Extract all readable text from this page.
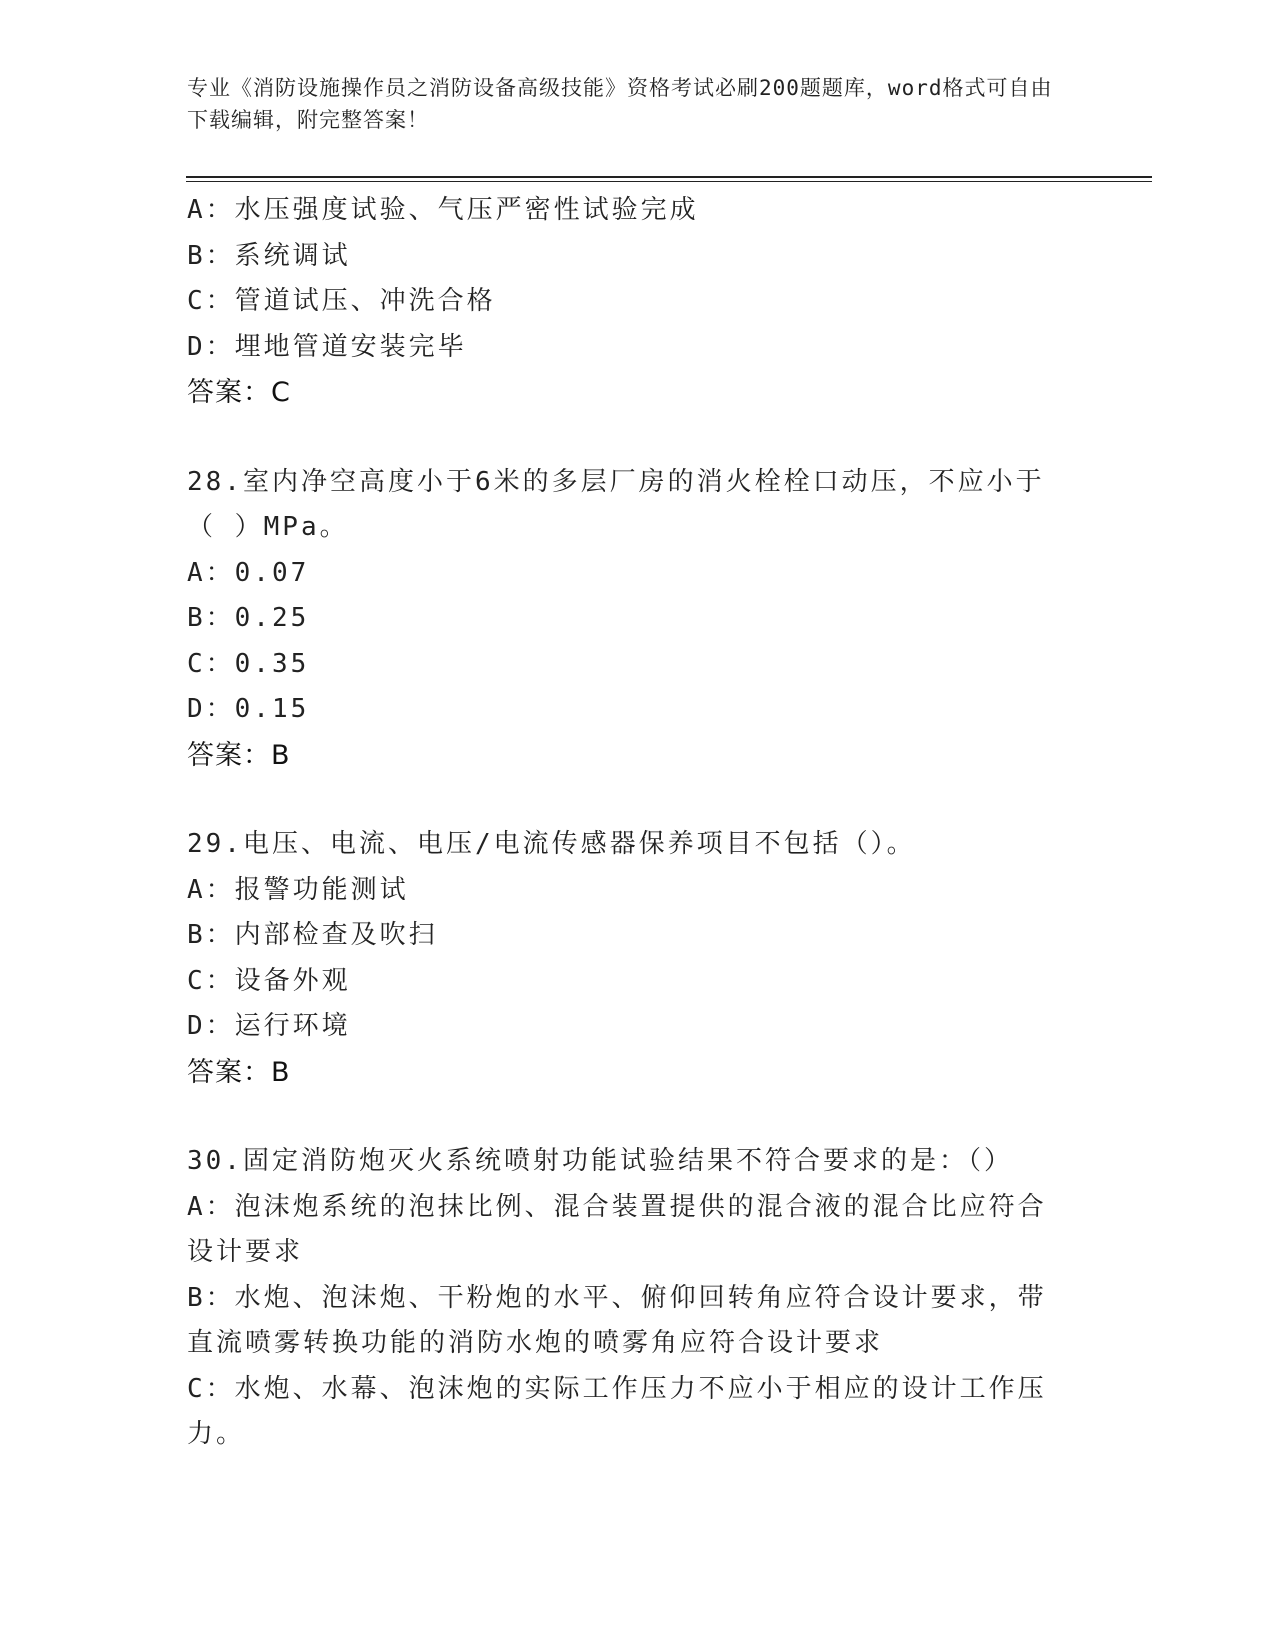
专业《消防设施操作员之消防设备高级技能》资格考试必刷200题题库，word格式可自由下载编辑，附完整答案！
A：水压强度试验、气压严密性试验完成
B：系统调试
C：管道试压、冲洗合格
D：埋地管道安装完毕
答案：C
28.室内净空高度小于6米的多层厂房的消火栓栓口动压，不应小于（ ）MPa。
A：0.07
B：0.25
C：0.35
D：0.15
答案：B
29.电压、电流、电压/电流传感器保养项目不包括（）。
A：报警功能测试
B：内部检查及吹扫
C：设备外观
D：运行环境
答案：B
30.固定消防炮灭火系统喷射功能试验结果不符合要求的是：（）
A：泡沫炮系统的泡抹比例、混合装置提供的混合液的混合比应符合设计要求
B：水炮、泡沫炮、干粉炮的水平、俯仰回转角应符合设计要求，带直流喷雾转换功能的消防水炮的喷雾角应符合设计要求
C：水炮、水幕、泡沫炮的实际工作压力不应小于相应的设计工作压力。
